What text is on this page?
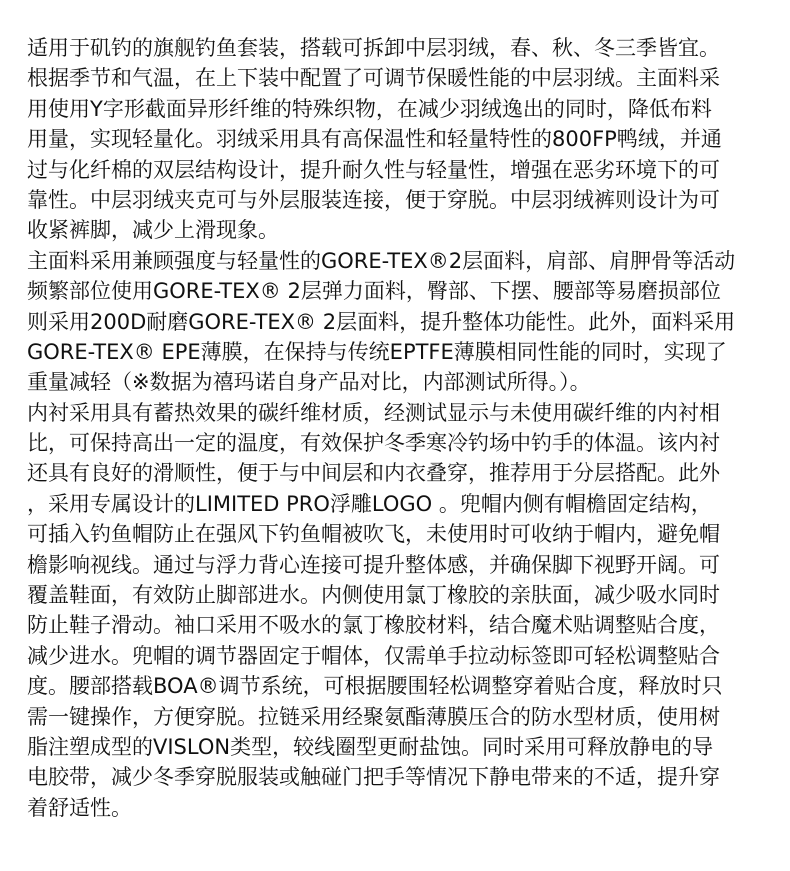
适用于矶钓的旗舰钓鱼套装，搭载可拆卸中层羽绒，春、秋、冬三季皆宜。
根据季节和气温，在上下装中配置了可调节保暖性能的中层羽绒。主面料采
用使用Y字形截面异形纤维的特殊织物，在减少羽绒逸出的同时，降低布料
用量，实现轻量化。羽绒采用具有高保温性和轻量特性的800FP鸭绒，并通
过与化纤棉的双层结构设计，提升耐久性与轻量性，增强在恶劣环境下的可
靠性。中层羽绒夹克可与外层服装连接，便于穿脱。中层羽绒裤则设计为可
收紧裤脚，减少上滑现象。
主面料采用兼顾强度与轻量性的GORE-TEX®2层面料，肩部、肩胛骨等活动
频繁部位使用GORE-TEX® 2层弹力面料，臀部、下摆、腰部等易磨损部位
则采用200D耐磨GORE-TEX® 2层面料，提升整体功能性。此外，面料采用
GORE-TEX® EPE薄膜，在保持与传统EPTFE薄膜相同性能的同时，实现了
重量减轻（※数据为禧玛诺自身产品对比，内部测试所得。）。
内衬采用具有蓄热效果的碳纤维材质，经测试显示与未使用碳纤维的内衬相
比，可保持高出一定的温度，有效保护冬季寒冷钓场中钓手的体温。该内衬
还具有良好的滑顺性，便于与中间层和内衣叠穿，推荐用于分层搭配。此外
，采用专属设计的LIMITED PRO浮雕LOGO 。兜帽内侧有帽檐固定结构，
可插入钓鱼帽防止在强风下钓鱼帽被吹飞，未使用时可收纳于帽内，避免帽
檐影响视线。通过与浮力背心连接可提升整体感，并确保脚下视野开阔。可
覆盖鞋面，有效防止脚部进水。内侧使用氯丁橡胶的亲肤面，减少吸水同时
防止鞋子滑动。袖口采用不吸水的氯丁橡胶材料，结合魔术贴调整贴合度，
减少进水。兜帽的调节器固定于帽体，仅需单手拉动标签即可轻松调整贴合
度。腰部搭载BOA®调节系统，可根据腰围轻松调整穿着贴合度，释放时只
需一键操作，方便穿脱。拉链采用经聚氨酯薄膜压合的防水型材质，使用树
脂注塑成型的VISLON类型，较线圈型更耐盐蚀。同时采用可释放静电的导
电胶带，减少冬季穿脱服装或触碰门把手等情况下静电带来的不适，提升穿
着舒适性。
